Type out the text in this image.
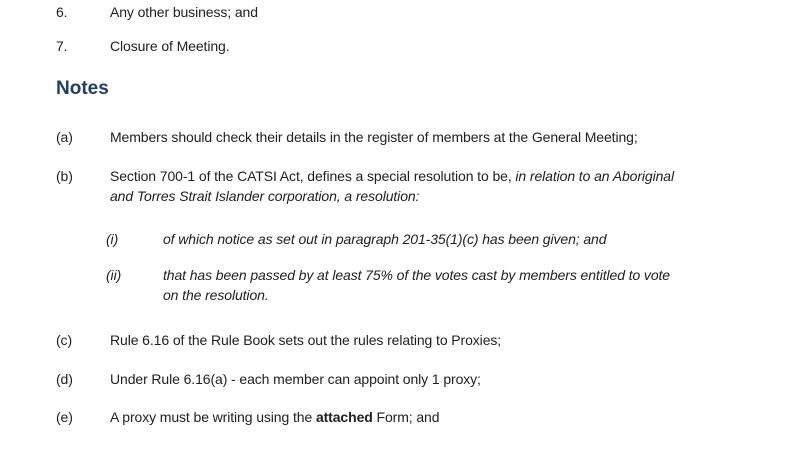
6.	Any other business; and
7.	Closure of Meeting.
Notes
(a)	Members should check their details in the register of members at the General Meeting;
(b)	Section 700-1 of the CATSI Act, defines a special resolution to be, in relation to an Aboriginal
and Torres Strait Islander corporation, a resolution:
(i)	of which notice as set out in paragraph 201-35(1)(c) has been given; and
(ii)	that has been passed by at least 75% of the votes cast by members entitled to vote
on the resolution.
(c)	Rule 6.16 of the Rule Book sets out the rules relating to Proxies;
(d)	Under Rule 6.16(a) - each member can appoint only 1 proxy;
(e)	A proxy must be writing using the attached Form; and
